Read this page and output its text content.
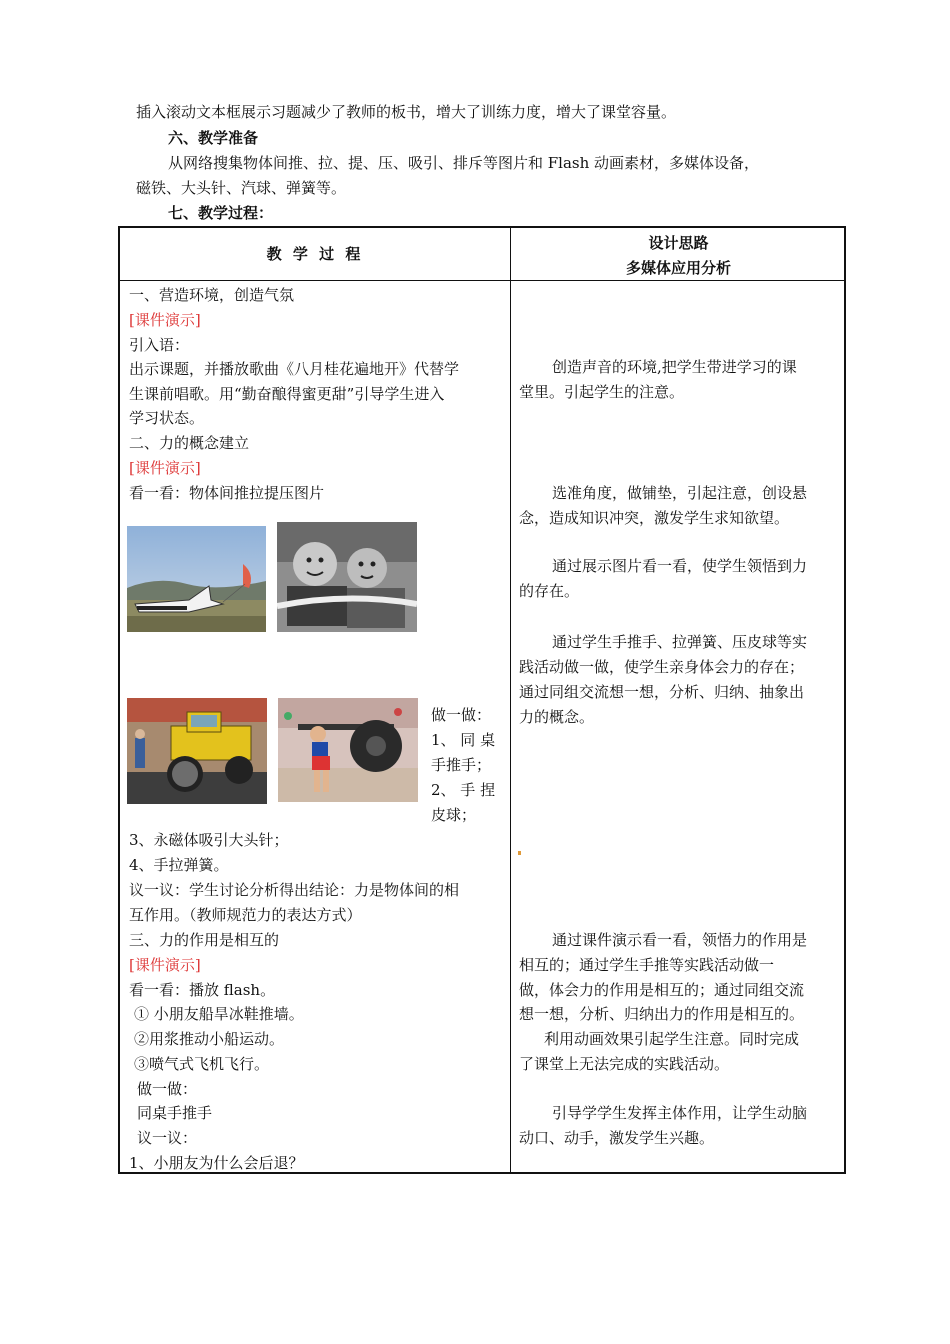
插入滚动文本框展示习题减少了教师的板书，增大了训练力度，增大了课堂容量。
六、教学准备
从网络搜集物体间推、拉、提、压、吸引、排斥等图片和 Flash 动画素材，多媒体设备，
磁铁、大头针、汽球、弹簧等。
七、教学过程：
教 学 过 程
设计思路
多媒体应用分析
一、营造环境，创造气氛
[课件演示]
引入语：
出示课题，并播放歌曲《八月桂花遍地开》代替学
生课前唱歌。用“勤奋酿得蜜更甜”引导学生进入
学习状态。
二、力的概念建立
[课件演示]
看一看：物体间推拉提压图片
做一做：
1、 同 桌
手推手；
2、 手 捏
皮球；
3、永磁体吸引大头针；
4、手拉弹簧。
议一议：学生讨论分析得出结论：力是物体间的相
互作用。（教师规范力的表达方式）
三、力的作用是相互的
[课件演示]
看一看：播放 flash。
① 小朋友船旱冰鞋推墙。
②用浆推动小船运动。
③喷气式飞机飞行。
做一做：
同桌手推手
议一议：
1、小朋友为什么会后退？
创造声音的环境,把学生带进学习的课
堂里。引起学生的注意。
选准角度，做铺垫，引起注意，创设悬
念，造成知识冲突，激发学生求知欲望。
通过展示图片看一看，使学生领悟到力
的存在。
通过学生手推手、拉弹簧、压皮球等实
践活动做一做，使学生亲身体会力的存在；
通过同组交流想一想，分析、归纳、抽象出
力的概念。
通过课件演示看一看，领悟力的作用是
相互的；通过学生手推等实践活动做一
做，体会力的作用是相互的；通过同组交流
想一想，分析、归纳出力的作用是相互的。
利用动画效果引起学生注意。同时完成
了课堂上无法完成的实践活动。
引导学学生发挥主体作用，让学生动脑
动口、动手，激发学生兴趣。
